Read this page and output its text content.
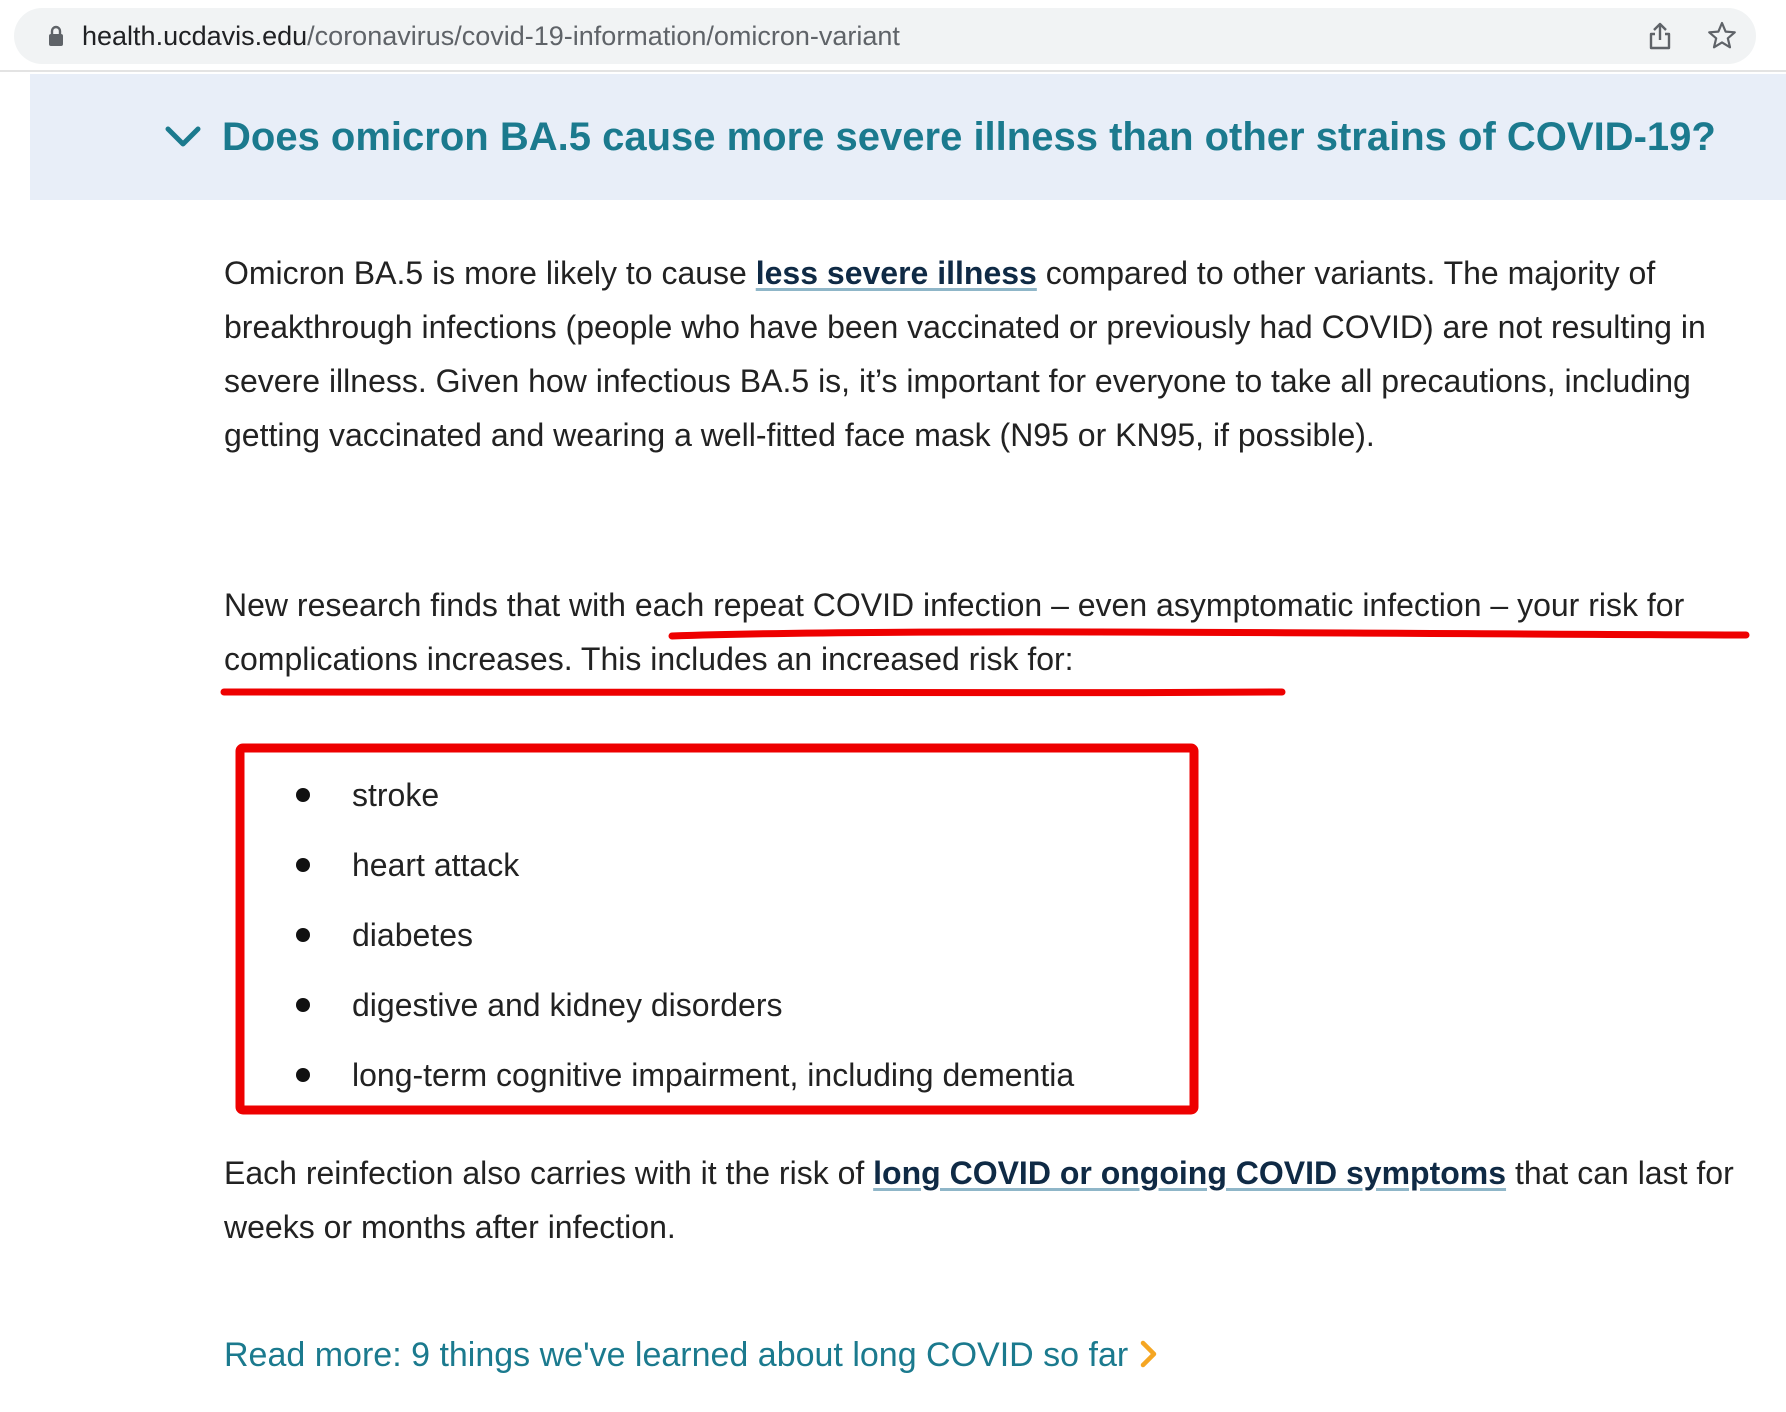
health.ucdavis.edu/coronavirus/covid-19-information/omicron-variant
Does omicron BA.5 cause more severe illness than other strains of COVID-19?

Omicron BA.5 is more likely to cause less severe illness compared to other variants. The majority of breakthrough infections (people who have been vaccinated or previously had COVID) are not resulting in severe illness. Given how infectious BA.5 is, it’s important for everyone to take all precautions, including getting vaccinated and wearing a well-fitted face mask (N95 or KN95, if possible).

New research finds that with each repeat COVID infection – even asymptomatic infection – your risk for complications increases. This includes an increased risk for:

stroke
heart attack
diabetes
digestive and kidney disorders
long-term cognitive impairment, including dementia

Each reinfection also carries with it the risk of long COVID or ongoing COVID symptoms that can last for weeks or months after infection.

Read more: 9 things we've learned about long COVID so far
